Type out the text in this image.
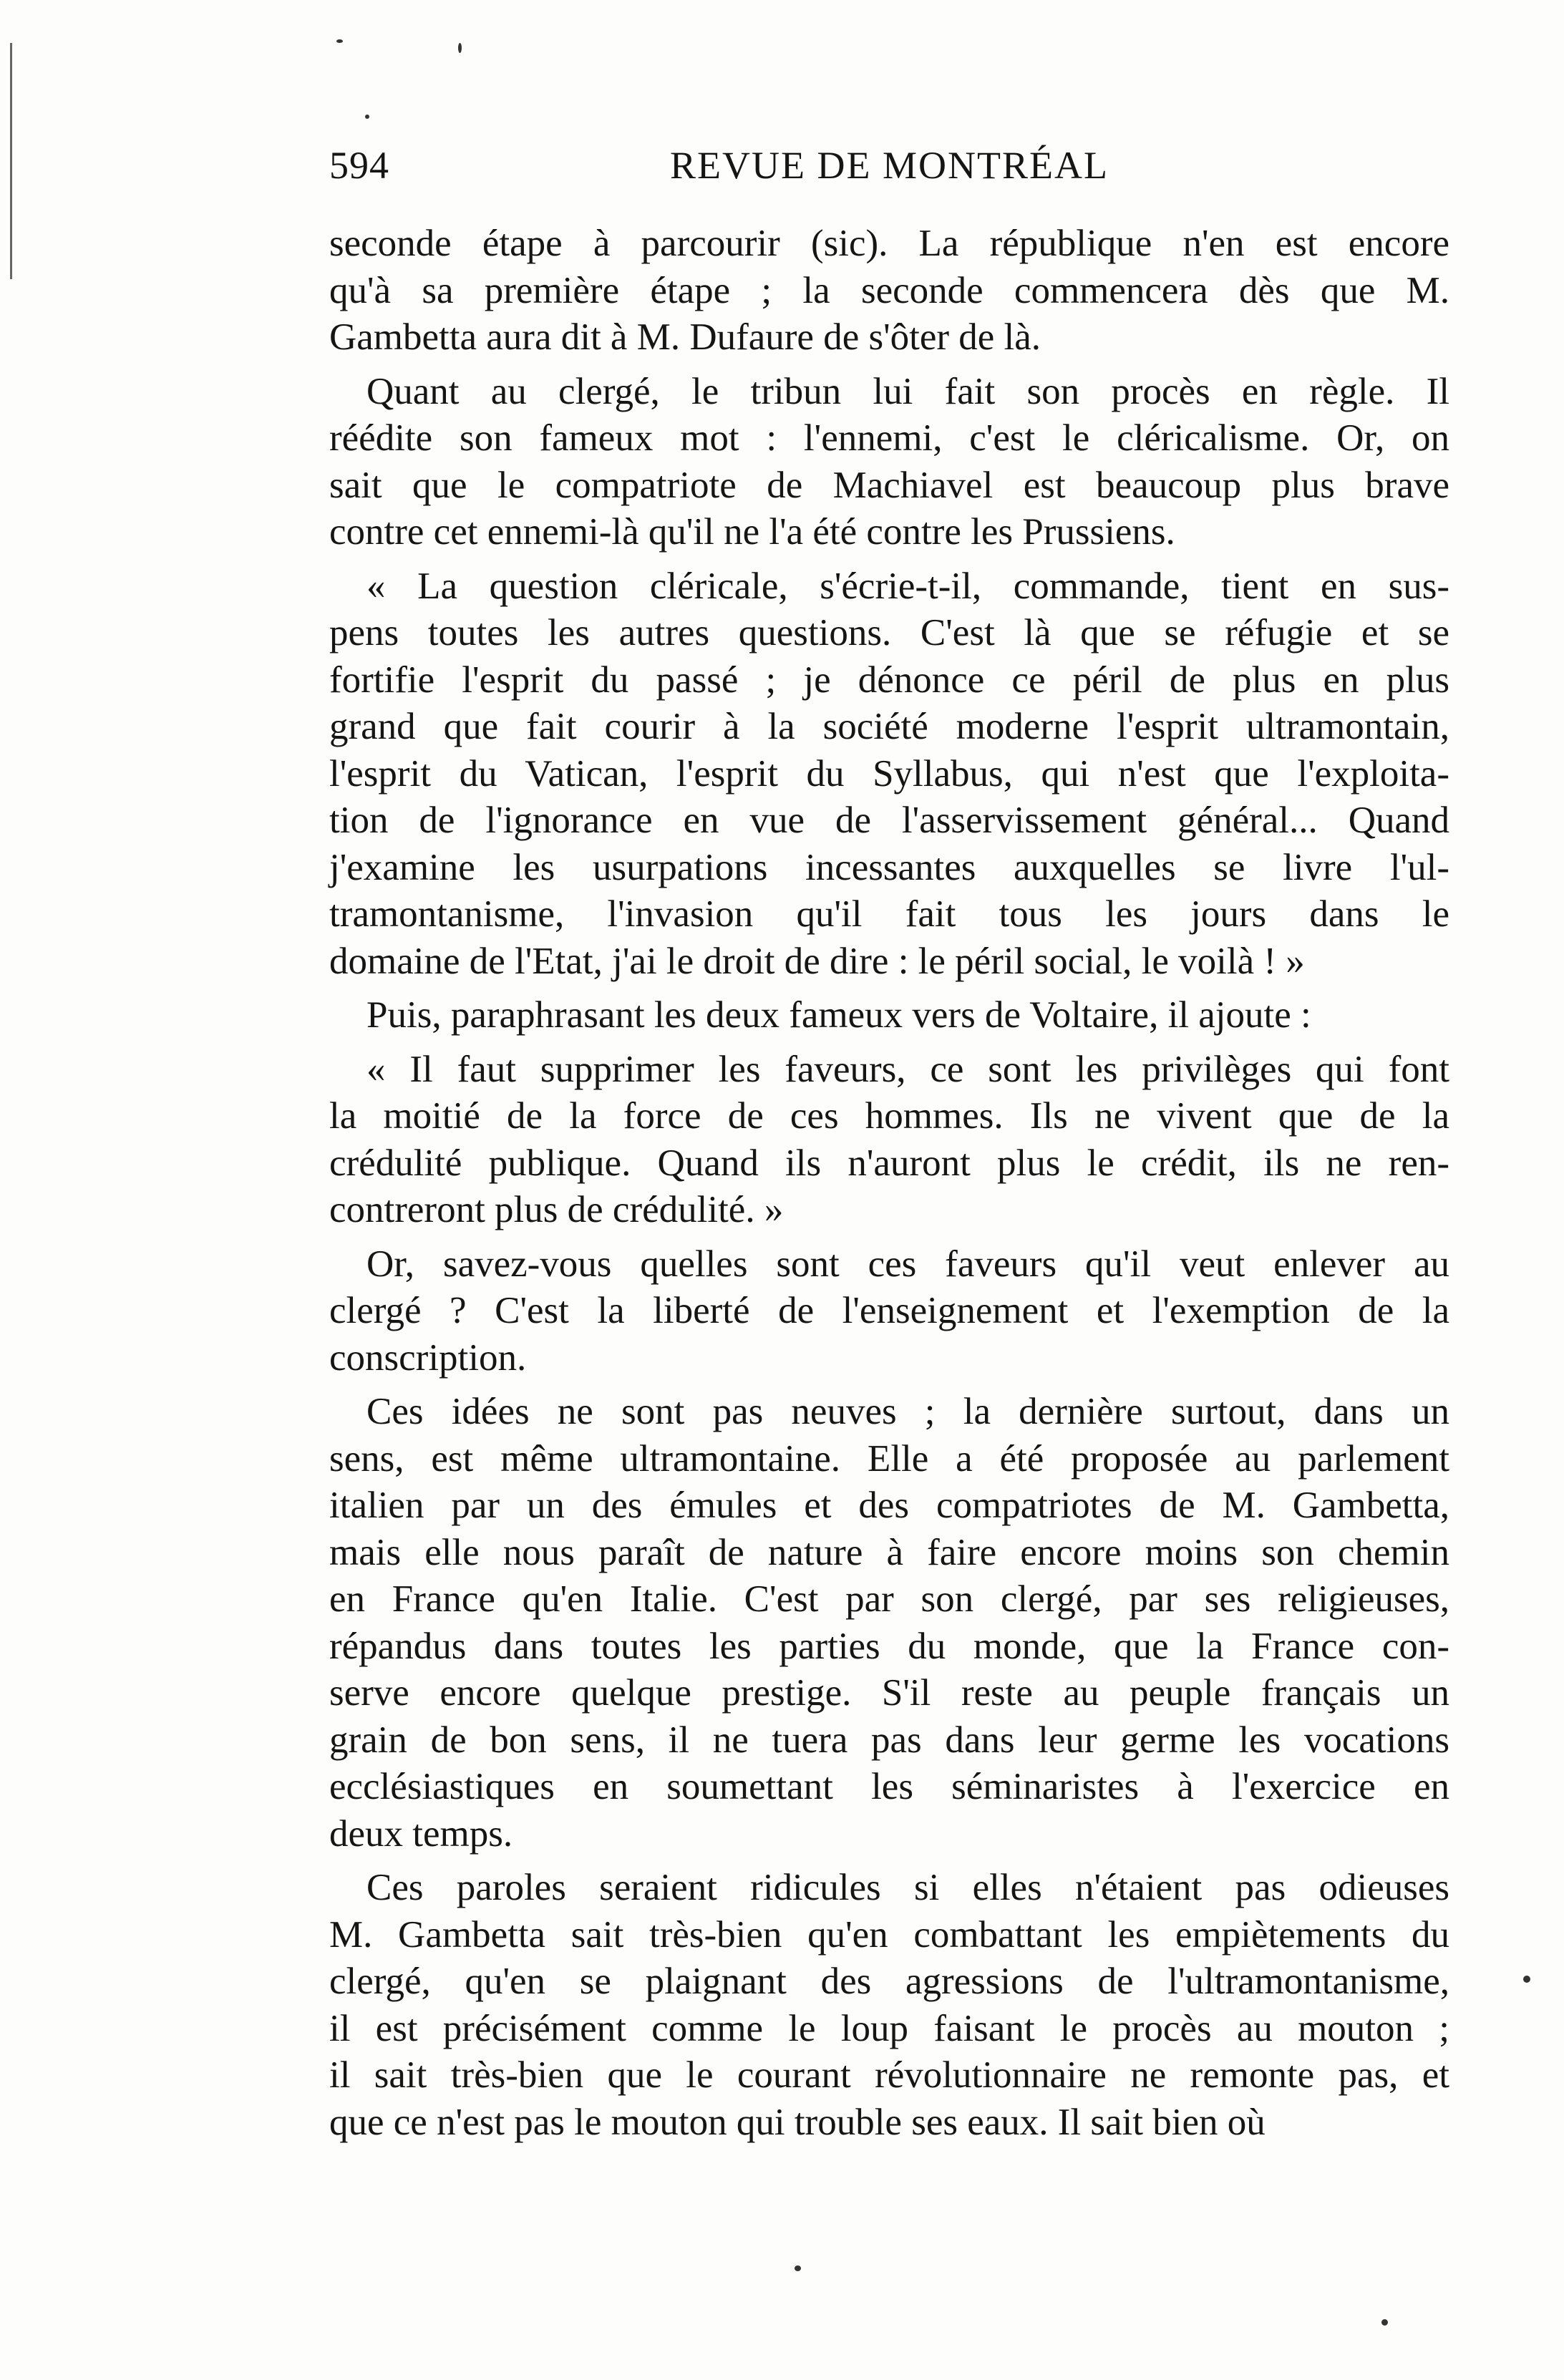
594	REVUE DE MONTRÉAL
seconde étape à parcourir (sic). La république n'en est encore
qu'à sa première étape ; la seconde commencera dès que M.
Gambetta aura dit à M. Dufaure de s'ôter de là.
Quant au clergé, le tribun lui fait son procès en règle. Il
réédite son fameux mot : l'ennemi, c'est le cléricalisme. Or, on
sait que le compatriote de Machiavel est beaucoup plus brave
contre cet ennemi-là qu'il ne l'a été contre les Prussiens.
« La question cléricale, s'écrie-t-il, commande, tient en sus-
pens toutes les autres questions. C'est là que se réfugie et se
fortifie l'esprit du passé ; je dénonce ce péril de plus en plus
grand que fait courir à la société moderne l'esprit ultramontain,
l'esprit du Vatican, l'esprit du Syllabus, qui n'est que l'exploita-
tion de l'ignorance en vue de l'asservissement général... Quand
j'examine les usurpations incessantes auxquelles se livre l'ul-
tramontanisme, l'invasion qu'il fait tous les jours dans le
domaine de l'Etat, j'ai le droit de dire : le péril social, le voilà ! »
Puis, paraphrasant les deux fameux vers de Voltaire, il ajoute :
« Il faut supprimer les faveurs, ce sont les privilèges qui font
la moitié de la force de ces hommes. Ils ne vivent que de la
crédulité publique. Quand ils n'auront plus le crédit, ils ne ren-
contreront plus de crédulité. »
Or, savez-vous quelles sont ces faveurs qu'il veut enlever au
clergé ? C'est la liberté de l'enseignement et l'exemption de la
conscription.
Ces idées ne sont pas neuves ; la dernière surtout, dans un
sens, est même ultramontaine. Elle a été proposée au parlement
italien par un des émules et des compatriotes de M. Gambetta,
mais elle nous paraît de nature à faire encore moins son chemin
en France qu'en Italie. C'est par son clergé, par ses religieuses,
répandus dans toutes les parties du monde, que la France con-
serve encore quelque prestige. S'il reste au peuple français un
grain de bon sens, il ne tuera pas dans leur germe les vocations
ecclésiastiques en soumettant les séminaristes à l'exercice en
deux temps.
Ces paroles seraient ridicules si elles n'étaient pas odieuses
M. Gambetta sait très-bien qu'en combattant les empiètements du
clergé, qu'en se plaignant des agressions de l'ultramontanisme,
il est précisément comme le loup faisant le procès au mouton ;
il sait très-bien que le courant révolutionnaire ne remonte pas, et
que ce n'est pas le mouton qui trouble ses eaux. Il sait bien où
